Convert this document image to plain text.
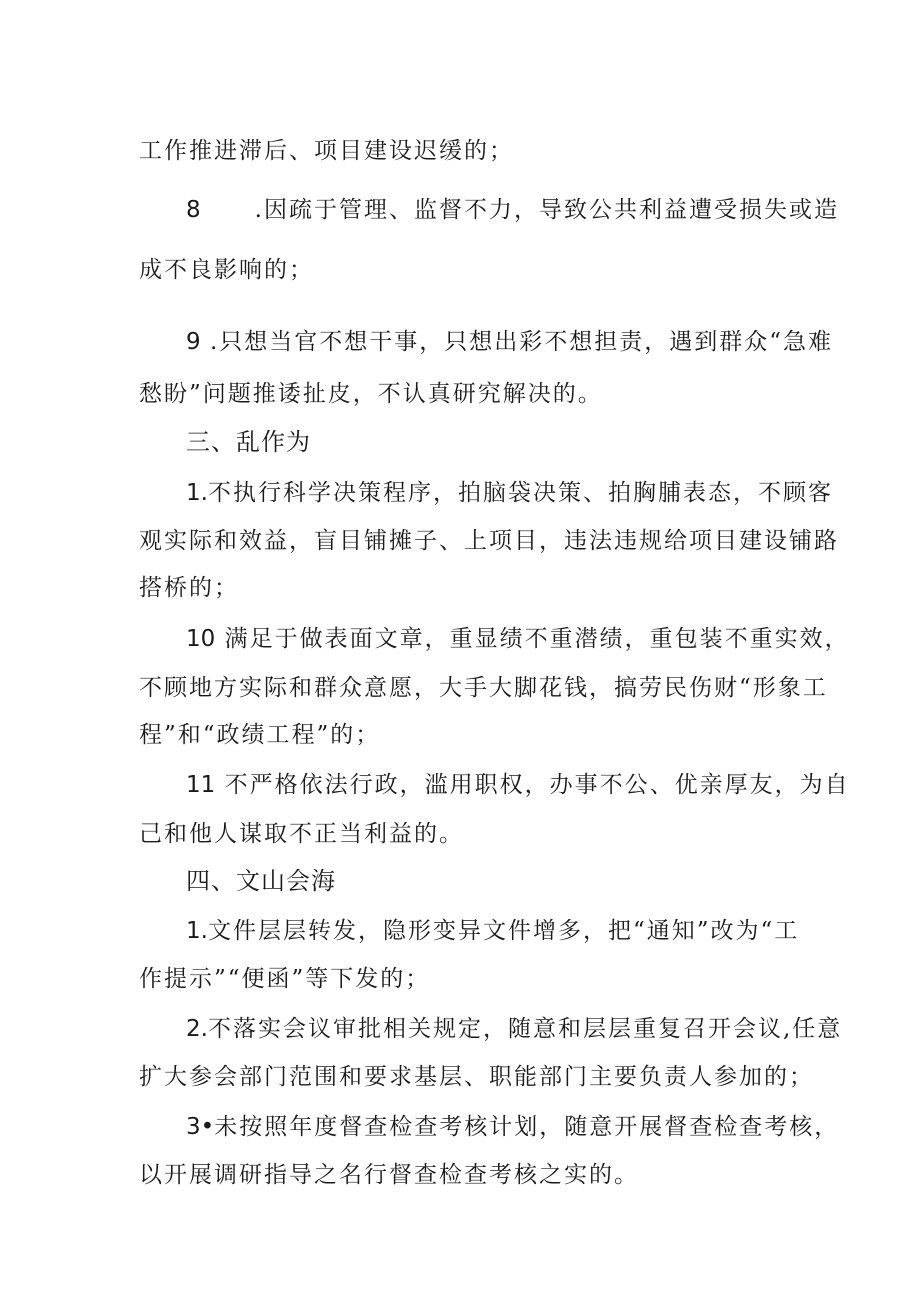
工作推进滞后、项目建设迟缓的；

8 .因疏于管理、监督不力，导致公共利益遭受损失或造

成不良影响的；

9 .只想当官不想干事，只想出彩不想担责，遇到群众“急难

愁盼”问题推诿扯皮，不认真研究解决的。

三、乱作为

1.不执行科学决策程序，拍脑袋决策、拍胸脯表态，不顾客

观实际和效益，盲目铺摊子、上项目，违法违规给项目建设铺路

搭桥的；

10 满足于做表面文章，重显绩不重潜绩，重包装不重实效，

不顾地方实际和群众意愿，大手大脚花钱，搞劳民伤财“形象工

程”和“政绩工程”的；

11 不严格依法行政，滥用职权，办事不公、优亲厚友，为自

己和他人谋取不正当利益的。

四、文山会海

1.文件层层转发，隐形变异文件增多，把“通知”改为“工

作提示”“便函”等下发的；

2.不落实会议审批相关规定，随意和层层重复召开会议,任意

扩大参会部门范围和要求基层、职能部门主要负责人参加的；

3•未按照年度督查检查考核计划，随意开展督查检查考核，

以开展调研指导之名行督查检查考核之实的。
